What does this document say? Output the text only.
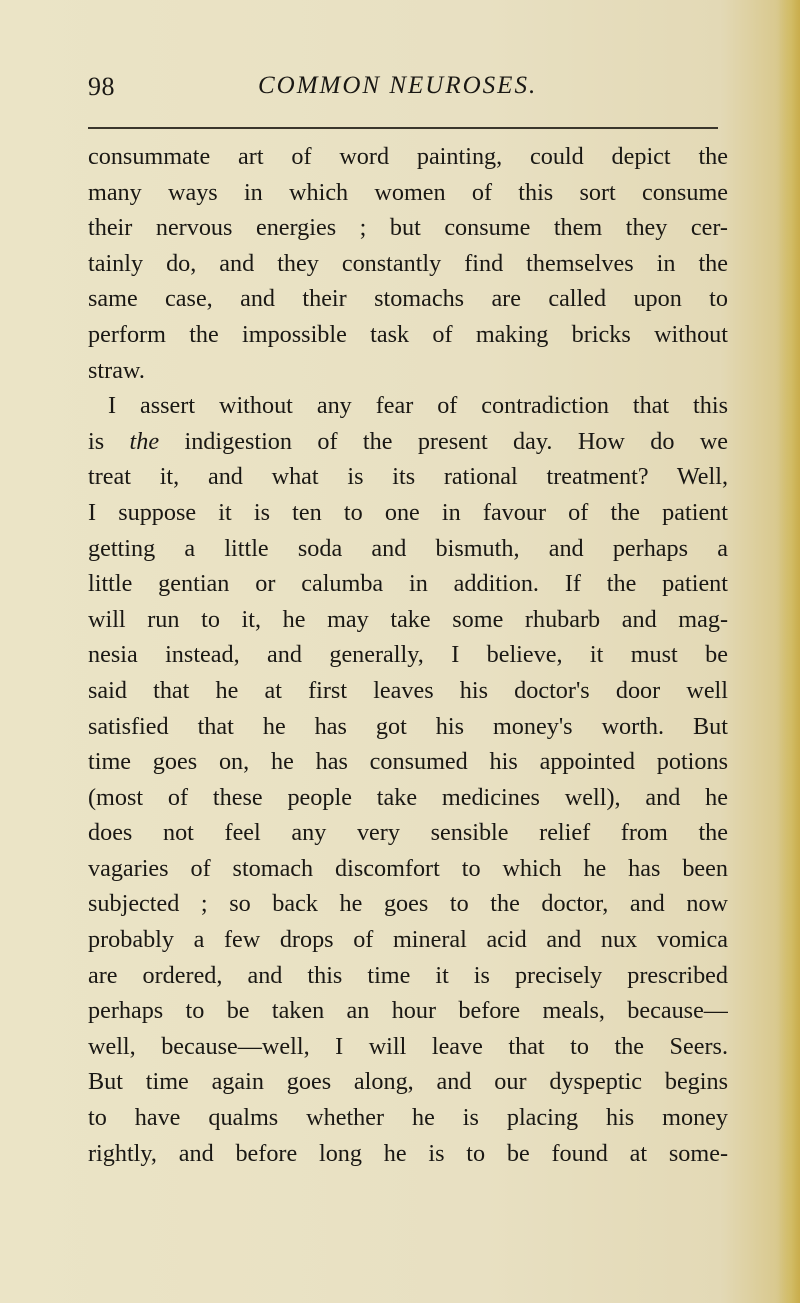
98	COMMON NEUROSES.
consummate art of word painting, could depict the
many ways in which women of this sort consume
their nervous energies ; but consume them they cer-
tainly do, and they constantly find themselves in the
same case, and their stomachs are called upon to
perform the impossible task of making bricks without
straw.
I assert without any fear of contradiction that this
is the indigestion of the present day. How do we
treat it, and what is its rational treatment? Well,
I suppose it is ten to one in favour of the patient
getting a little soda and bismuth, and perhaps a
little gentian or calumba in addition. If the patient
will run to it, he may take some rhubarb and mag-
nesia instead, and generally, I believe, it must be
said that he at first leaves his doctor's door well
satisfied that he has got his money's worth. But
time goes on, he has consumed his appointed potions
(most of these people take medicines well), and he
does not feel any very sensible relief from the
vagaries of stomach discomfort to which he has been
subjected ; so back he goes to the doctor, and now
probably a few drops of mineral acid and nux vomica
are ordered, and this time it is precisely prescribed
perhaps to be taken an hour before meals, because—
well, because—well, I will leave that to the Seers.
But time again goes along, and our dyspeptic begins
to have qualms whether he is placing his money
rightly, and before long he is to be found at some-
